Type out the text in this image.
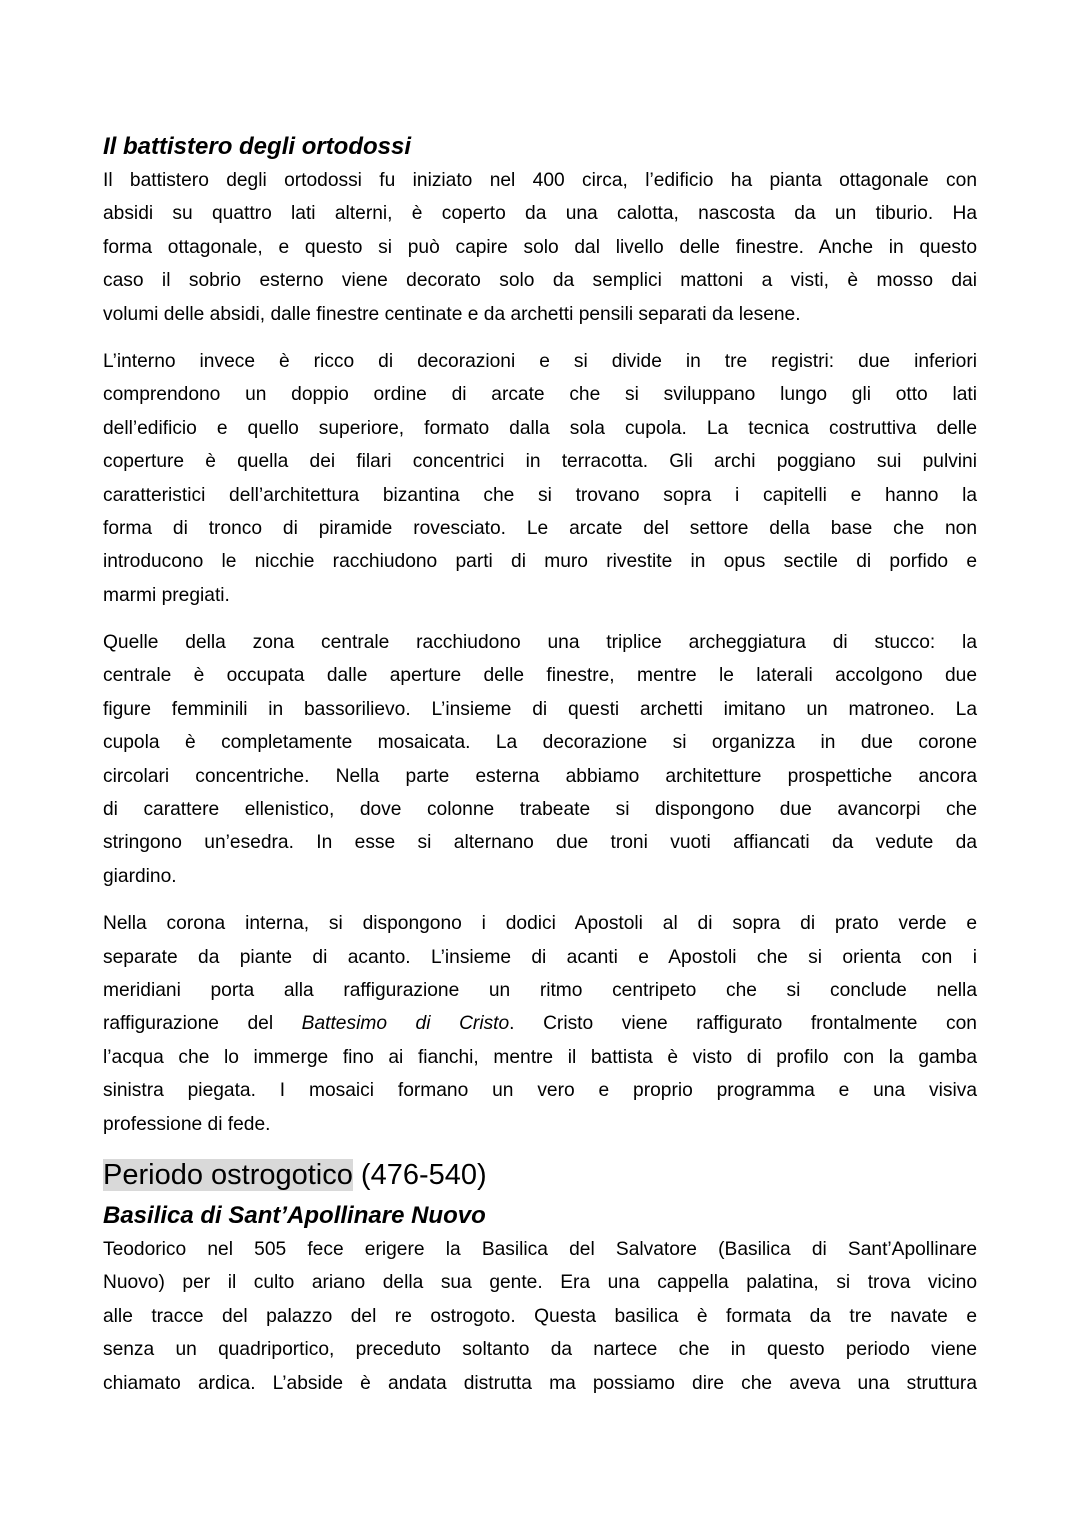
Il battistero degli ortodossi
Il battistero degli ortodossi fu iniziato nel 400 circa, l’edificio ha pianta ottagonale con
absidi su quattro lati alterni, è coperto da una calotta, nascosta da un tiburio. Ha
forma ottagonale, e questo si può capire solo dal livello delle finestre. Anche in questo
caso il sobrio esterno viene decorato solo da semplici mattoni a visti, è mosso dai
volumi delle absidi, dalle finestre centinate e da archetti pensili separati da lesene.
L’interno invece è ricco di decorazioni e si divide in tre registri: due inferiori
comprendono un doppio ordine di arcate che si sviluppano lungo gli otto lati
dell’edificio e quello superiore, formato dalla sola cupola. La tecnica costruttiva delle
coperture è quella dei filari concentrici in terracotta. Gli archi poggiano sui pulvini
caratteristici dell’architettura bizantina che si trovano sopra i capitelli e hanno la
forma di tronco di piramide rovesciato. Le arcate del settore della base che non
introducono le nicchie racchiudono parti di muro rivestite in opus sectile di porfido e
marmi pregiati.
Quelle della zona centrale racchiudono una triplice archeggiatura di stucco: la
centrale è occupata dalle aperture delle finestre, mentre le laterali accolgono due
figure femminili in bassorilievo. L’insieme di questi archetti imitano un matroneo. La
cupola è completamente mosaicata. La decorazione si organizza in due corone
circolari concentriche. Nella parte esterna abbiamo architetture prospettiche ancora
di carattere ellenistico, dove colonne trabeate si dispongono due avancorpi che
stringono un’esedra. In esse si alternano due troni vuoti affiancati da vedute da
giardino.
Nella corona interna, si dispongono i dodici Apostoli al di sopra di prato verde e
separate da piante di acanto. L’insieme di acanti e Apostoli che si orienta con i
meridiani porta alla raffigurazione un ritmo centripeto che si conclude nella
raffigurazione del Battesimo di Cristo. Cristo viene raffigurato frontalmente con
l’acqua che lo immerge fino ai fianchi, mentre il battista è visto di profilo con la gamba
sinistra piegata. I mosaici formano un vero e proprio programma e una visiva
professione di fede.
Periodo ostrogotico (476-540)
Basilica di Sant’Apollinare Nuovo
Teodorico nel 505 fece erigere la Basilica del Salvatore (Basilica di Sant’Apollinare
Nuovo) per il culto ariano della sua gente. Era una cappella palatina, si trova vicino
alle tracce del palazzo del re ostrogoto. Questa basilica è formata da tre navate e
senza un quadriportico, preceduto soltanto da nartece che in questo periodo viene
chiamato ardica. L’abside è andata distrutta ma possiamo dire che aveva una struttura
